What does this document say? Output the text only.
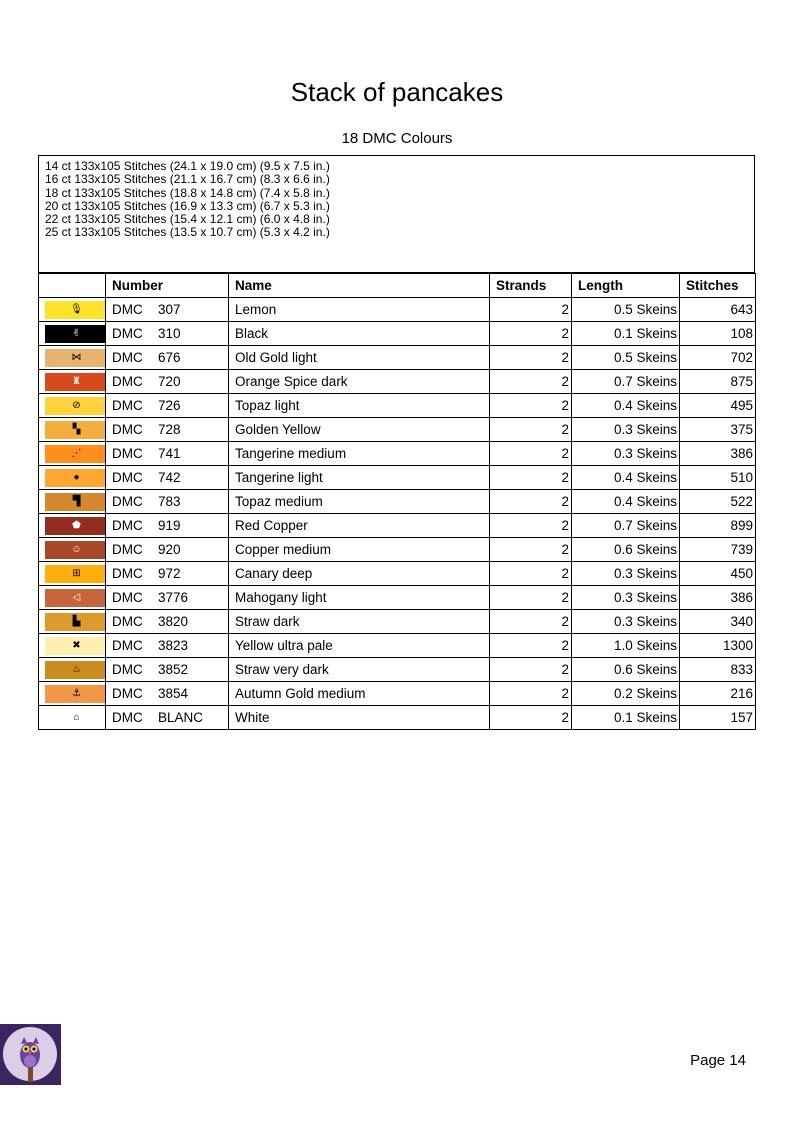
Stack of pancakes
18 DMC Colours
14 ct 133x105 Stitches (24.1 x 19.0 cm) (9.5 x 7.5 in.)
16 ct 133x105 Stitches (21.1 x 16.7 cm) (8.3 x 6.6 in.)
18 ct 133x105 Stitches (18.8 x 14.8 cm) (7.4 x 5.8 in.)
20 ct 133x105 Stitches (16.9 x 13.3 cm) (6.7 x 5.3 in.)
22 ct 133x105 Stitches (15.4 x 12.1 cm) (6.0 x 4.8 in.)
25 ct 133x105 Stitches (13.5 x 10.7 cm) (5.3 x 4.2 in.)
	Number	Name	Strands	Length	Stitches

🎙	DMC 307	Lemon	2	0.5 Skeins	643

✌	DMC 310	Black	2	0.1 Skeins	108

⋈	DMC 676	Old Gold light	2	0.5 Skeins	702

♜	DMC 720	Orange Spice dark	2	0.7 Skeins	875

⊘	DMC 726	Topaz light	2	0.4 Skeins	495

▚	DMC 728	Golden Yellow	2	0.3 Skeins	375

⋰	DMC 741	Tangerine medium	2	0.3 Skeins	386

●	DMC 742	Tangerine light	2	0.4 Skeins	510

▜	DMC 783	Topaz medium	2	0.4 Skeins	522

⬟	DMC 919	Red Copper	2	0.7 Skeins	899

☺	DMC 920	Copper medium	2	0.6 Skeins	739

⊞	DMC 972	Canary deep	2	0.3 Skeins	450

◁	DMC 3776	Mahogany light	2	0.3 Skeins	386

▙	DMC 3820	Straw dark	2	0.3 Skeins	340

✖	DMC 3823	Yellow ultra pale	2	1.0 Skeins	1300

♨	DMC 3852	Straw very dark	2	0.6 Skeins	833

⚓	DMC 3854	Autumn Gold medium	2	0.2 Skeins	216

⌂	DMC BLANC	White	2	0.1 Skeins	157
Page 14
